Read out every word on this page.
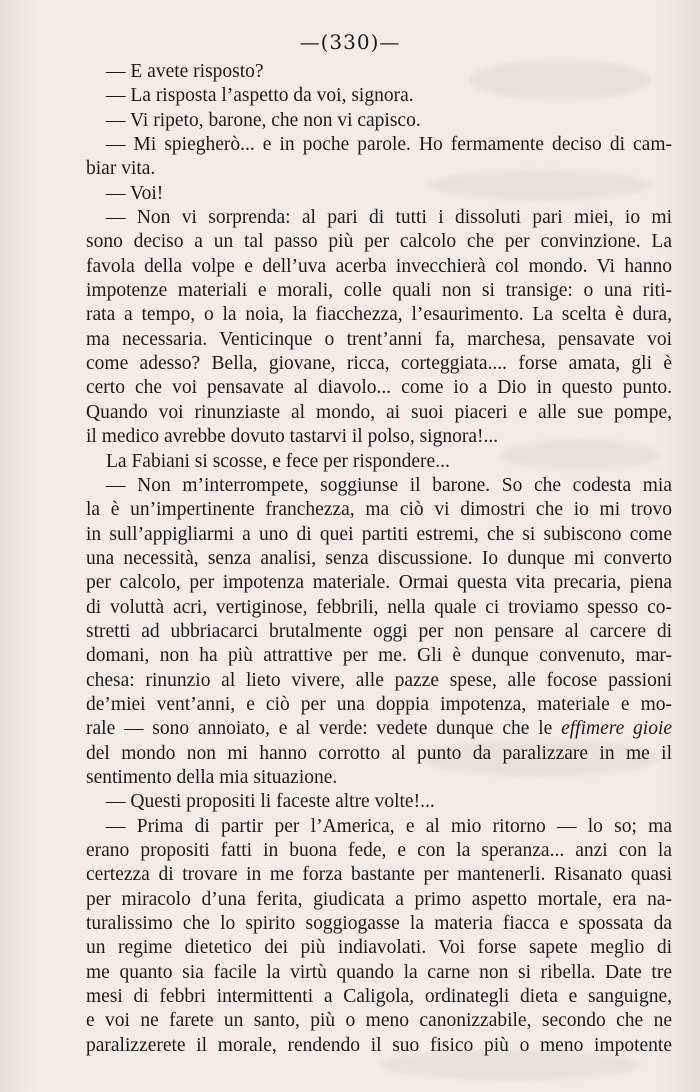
—(330)—
— E avete risposto?
— La risposta l’aspetto da voi, signora.
— Vi ripeto, barone, che non vi capisco.
— Mi spiegherò... e in poche parole. Ho fermamente deciso di cam-
biar vita.
— Voi!
— Non vi sorprenda: al pari di tutti i dissoluti pari miei, io mi
sono deciso a un tal passo più per calcolo che per convinzione. La
favola della volpe e dell’uva acerba invecchierà col mondo. Vi hanno
impotenze materiali e morali, colle quali non si transige: o una riti-
rata a tempo, o la noia, la fiacchezza, l’esaurimento. La scelta è dura,
ma necessaria. Venticinque o trent’anni fa, marchesa, pensavate voi
come adesso? Bella, giovane, ricca, corteggiata.... forse amata, gli è
certo che voi pensavate al diavolo... come io a Dio in questo punto.
Quando voi rinunziaste al mondo, ai suoi piaceri e alle sue pompe,
il medico avrebbe dovuto tastarvi il polso, signora!...
La Fabiani si scosse, e fece per rispondere...
— Non m’interrompete, soggiunse il barone. So che codesta mia
la è un’impertinente franchezza, ma ciò vi dimostri che io mi trovo
in sull’appigliarmi a uno di quei partiti estremi, che si subiscono come
una necessità, senza analisi, senza discussione. Io dunque mi converto
per calcolo, per impotenza materiale. Ormai questa vita precaria, piena
di voluttà acri, vertiginose, febbrili, nella quale ci troviamo spesso co-
stretti ad ubbriacarci brutalmente oggi per non pensare al carcere di
domani, non ha più attrattive per me. Gli è dunque convenuto, mar-
chesa: rinunzio al lieto vivere, alle pazze spese, alle focose passioni
de’miei vent’anni, e ciò per una doppia impotenza, materiale e mo-
rale — sono annoiato, e al verde: vedete dunque che le effimere gioie
del mondo non mi hanno corrotto al punto da paralizzare in me il
sentimento della mia situazione.
— Questi propositi li faceste altre volte!...
— Prima di partir per l’America, e al mio ritorno — lo so; ma
erano propositi fatti in buona fede, e con la speranza... anzi con la
certezza di trovare in me forza bastante per mantenerli. Risanato quasi
per miracolo d’una ferita, giudicata a primo aspetto mortale, era na-
turalissimo che lo spirito soggiogasse la materia fiacca e spossata da
un regime dietetico dei più indiavolati. Voi forse sapete meglio di
me quanto sia facile la virtù quando la carne non si ribella. Date tre
mesi di febbri intermittenti a Caligola, ordinategli dieta e sanguigne,
e voi ne farete un santo, più o meno canonizzabile, secondo che ne
paralizzerete il morale, rendendo il suo fisico più o meno impotente
